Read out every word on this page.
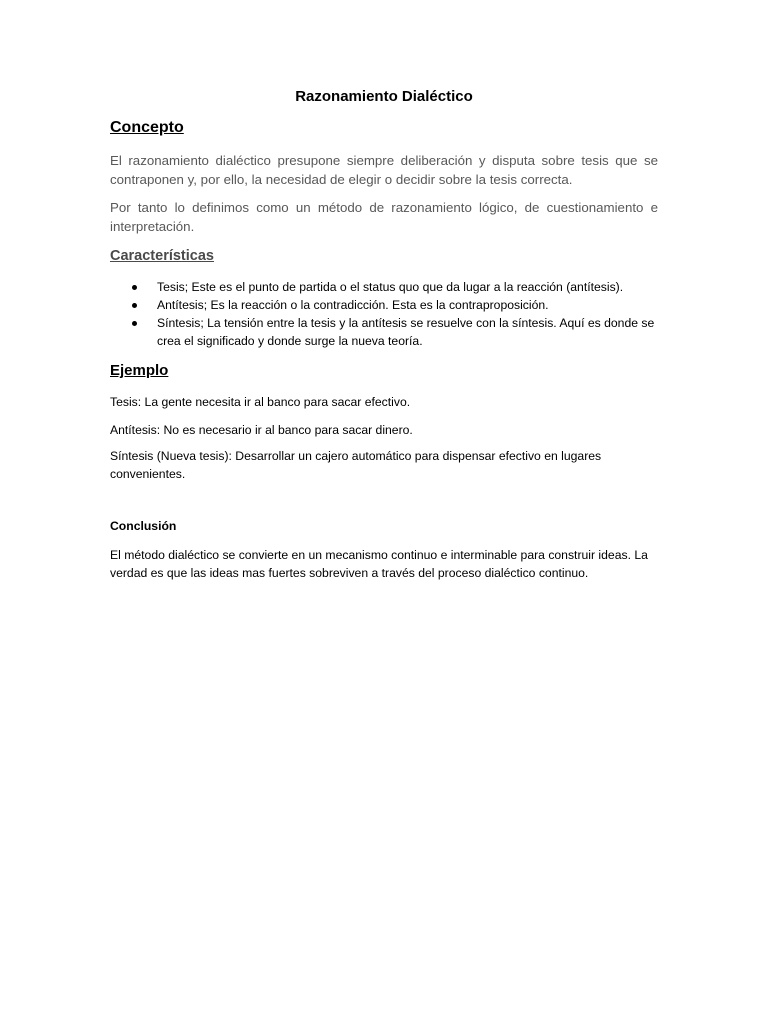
Razonamiento Dialéctico
Concepto

El razonamiento dialéctico presupone siempre deliberación y disputa sobre tesis que se contraponen y, por ello, la necesidad de elegir o decidir sobre la tesis correcta.

Por tanto lo definimos como un método de razonamiento lógico, de cuestionamiento e interpretación.

Características
Tesis; Este es el punto de partida o el status quo que da lugar a la reacción (antítesis).
Antítesis; Es la reacción o la contradicción. Esta es la contraproposición.
Síntesis; La tensión entre la tesis y la antítesis se resuelve con la síntesis. Aquí es donde se crea el significado y donde surge la nueva teoría.
Ejemplo

Tesis: La gente necesita ir al banco para sacar efectivo.

Antítesis: No es necesario ir al banco para sacar dinero.

Síntesis (Nueva tesis): Desarrollar un cajero automático para dispensar efectivo en lugares convenientes.

Conclusión

El método dialéctico se convierte en un mecanismo continuo e interminable para construir ideas. La verdad es que las ideas mas fuertes sobreviven a través del proceso dialéctico continuo.
